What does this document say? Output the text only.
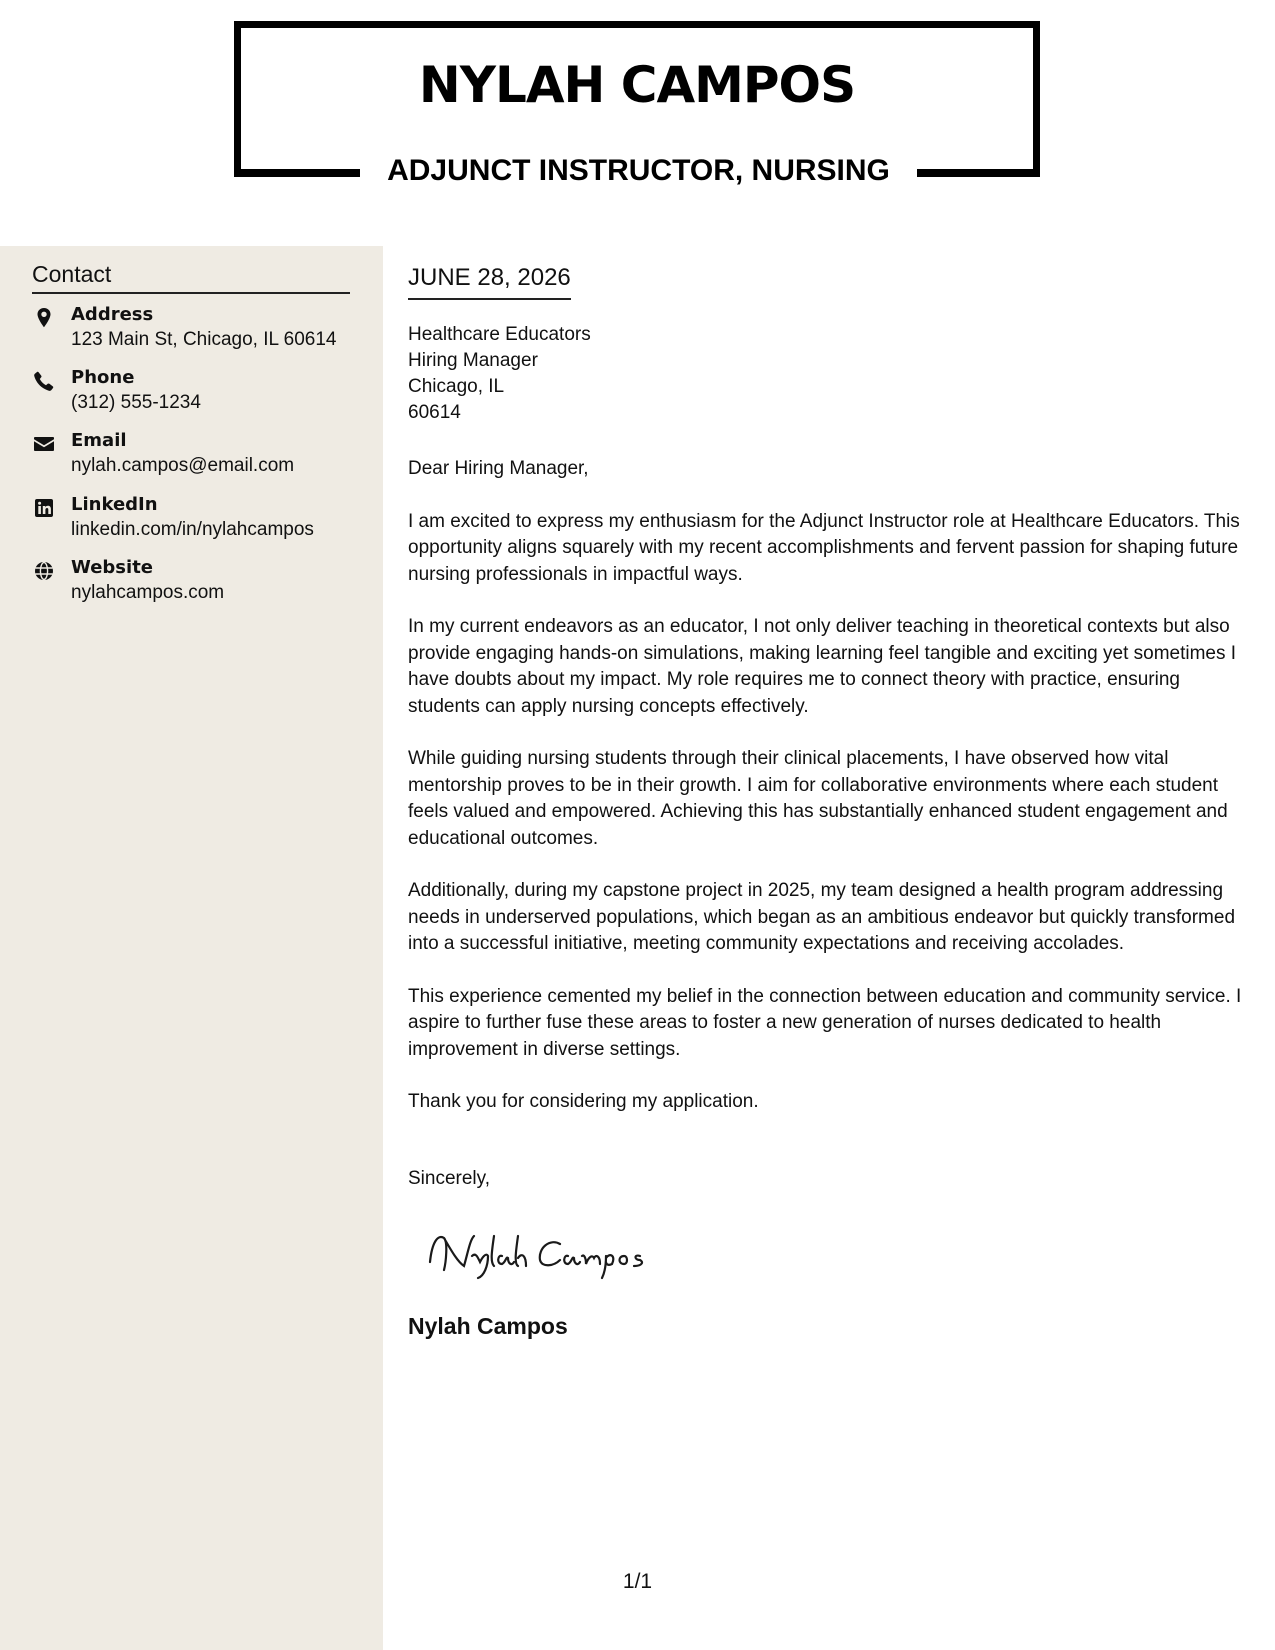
NYLAH CAMPOS
ADJUNCT INSTRUCTOR, NURSING
Contact
Address
123 Main St, Chicago, IL 60614
Phone
(312) 555-1234
Email
nylah.campos@email.com
LinkedIn
linkedin.com/in/nylahcampos
Website
nylahcampos.com
JUNE 28, 2026
Healthcare Educators
Hiring Manager
Chicago, IL
60614
Dear Hiring Manager,

I am excited to express my enthusiasm for the Adjunct Instructor role at Healthcare Educators. This opportunity aligns squarely with my recent accomplishments and fervent passion for shaping future nursing professionals in impactful ways.

In my current endeavors as an educator, I not only deliver teaching in theoretical contexts but also provide engaging hands-on simulations, making learning feel tangible and exciting yet sometimes I have doubts about my impact. My role requires me to connect theory with practice, ensuring students can apply nursing concepts effectively.

While guiding nursing students through their clinical placements, I have observed how vital mentorship proves to be in their growth. I aim for collaborative environments where each student feels valued and empowered. Achieving this has substantially enhanced student engagement and educational outcomes.

Additionally, during my capstone project in 2025, my team designed a health program addressing needs in underserved populations, which began as an ambitious endeavor but quickly transformed into a successful initiative, meeting community expectations and receiving accolades.

This experience cemented my belief in the connection between education and community service. I aspire to further fuse these areas to foster a new generation of nurses dedicated to health improvement in diverse settings.

Thank you for considering my application.

Sincerely,
Nylah Campos
1/1
